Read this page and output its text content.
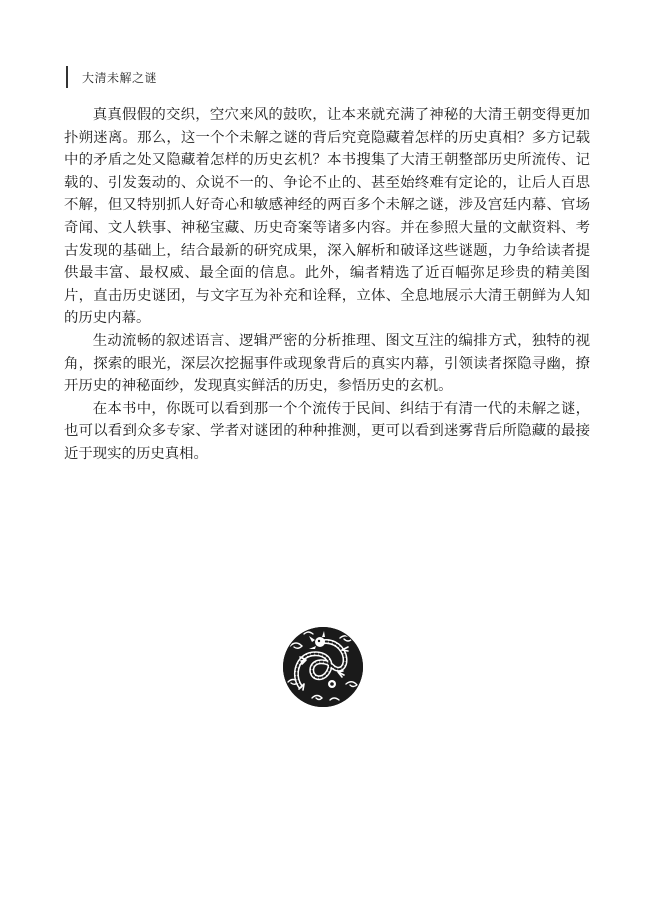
大清未解之谜

真真假假的交织，空穴来风的鼓吹，让本来就充满了神秘的大清王朝变得更加扑朔迷离。那么，这一个个未解之谜的背后究竟隐藏着怎样的历史真相？多方记载中的矛盾之处又隐藏着怎样的历史玄机？本书搜集了大清王朝整部历史所流传、记载的、引发轰动的、众说不一的、争论不止的、甚至始终难有定论的，让后人百思不解，但又特别抓人好奇心和敏感神经的两百多个未解之谜，涉及宫廷内幕、官场奇闻、文人轶事、神秘宝藏、历史奇案等诸多内容。并在参照大量的文献资料、考古发现的基础上，结合最新的研究成果，深入解析和破译这些谜题，力争给读者提供最丰富、最权威、最全面的信息。此外，编者精选了近百幅弥足珍贵的精美图片，直击历史谜团，与文字互为补充和诠释，立体、全息地展示大清王朝鲜为人知的历史内幕。

生动流畅的叙述语言、逻辑严密的分析推理、图文互注的编排方式，独特的视角，探索的眼光，深层次挖掘事件或现象背后的真实内幕，引领读者探隐寻幽，撩开历史的神秘面纱，发现真实鲜活的历史，参悟历史的玄机。

在本书中，你既可以看到那一个个流传于民间、纠结于有清一代的未解之谜，也可以看到众多专家、学者对谜团的种种推测，更可以看到迷雾背后所隐藏的最接近于现实的历史真相。
